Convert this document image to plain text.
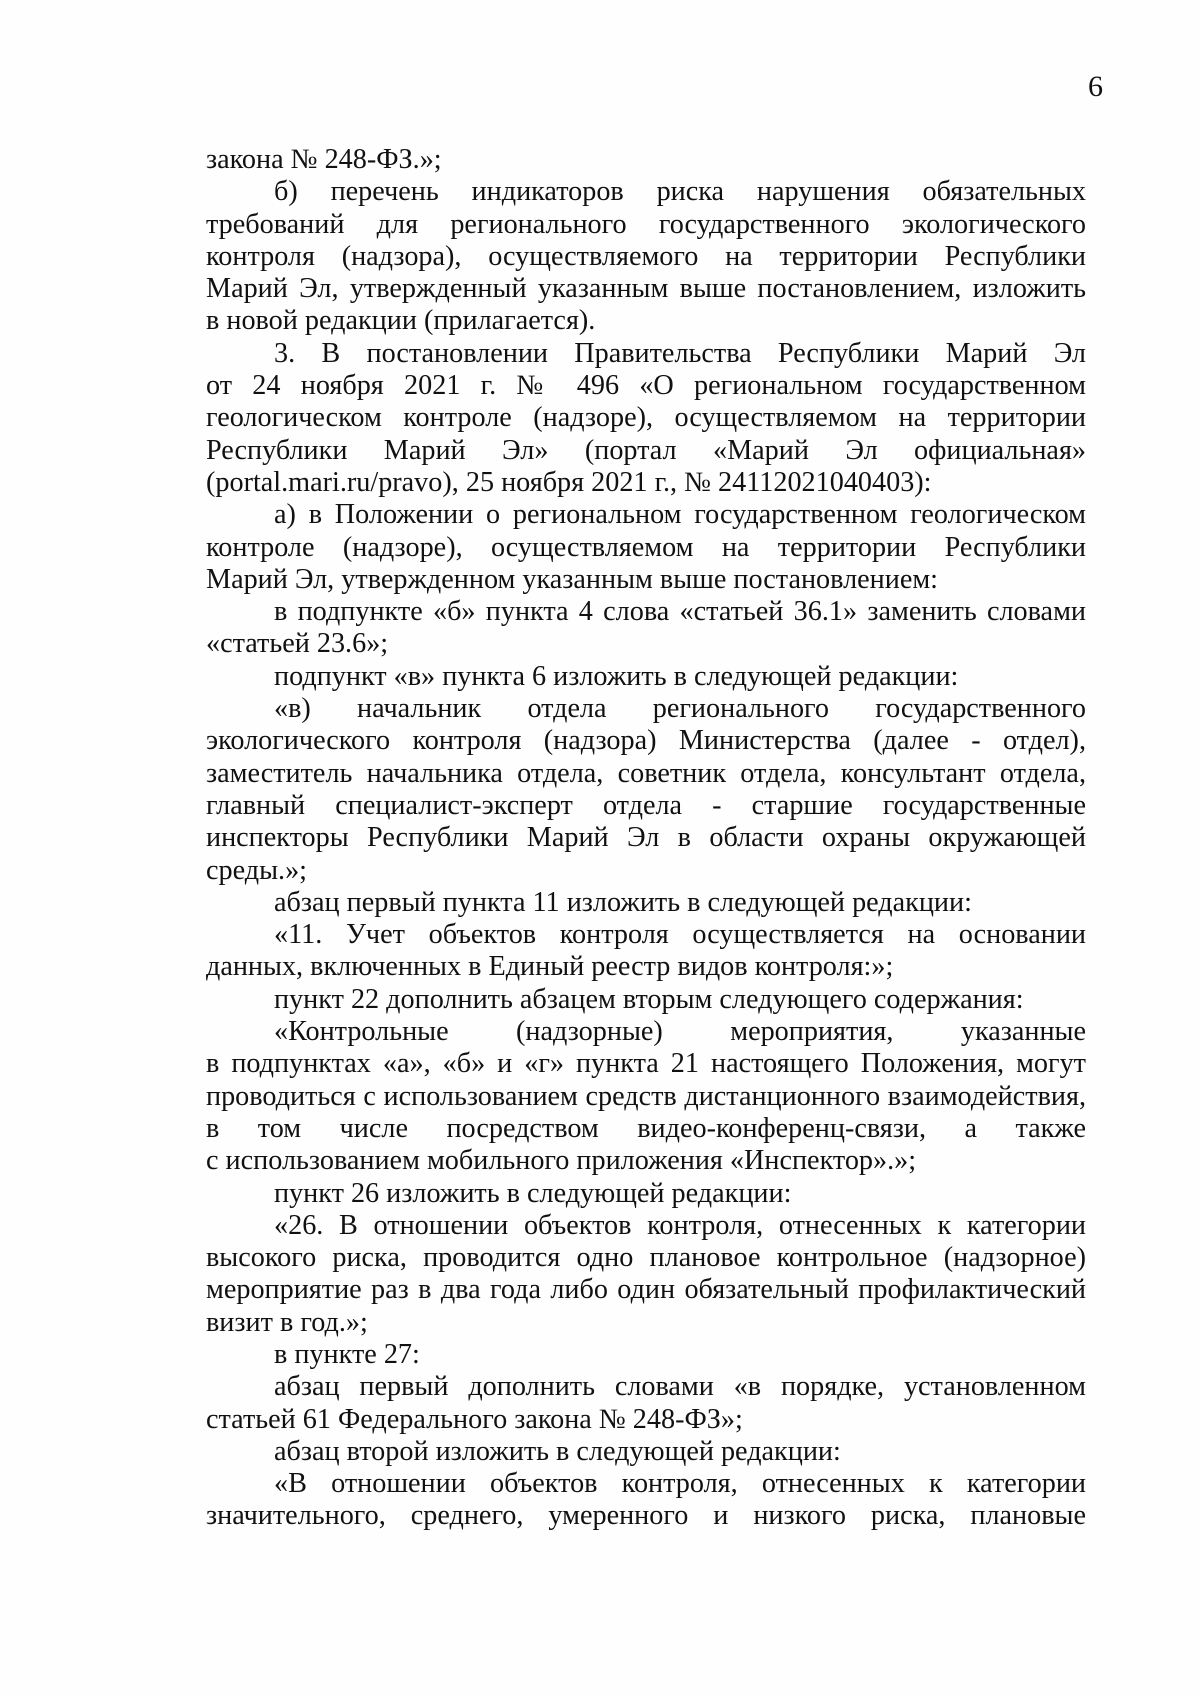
6
закона № 248-ФЗ.»;
б) перечень индикаторов риска нарушения обязательных
требований для регионального государственного экологического
контроля (надзора), осуществляемого на территории Республики
Марий Эл, утвержденный указанным выше постановлением, изложить
в новой редакции (прилагается).
3. В постановлении Правительства Республики Марий Эл
от 24 ноября 2021 г. № 496 «О региональном государственном
геологическом контроле (надзоре), осуществляемом на территории
Республики Марий Эл» (портал «Марий Эл официальная»
(portal.mari.ru/pravo), 25 ноября 2021 г., № 24112021040403):
а) в Положении о региональном государственном геологическом
контроле (надзоре), осуществляемом на территории Республики
Марий Эл, утвержденном указанным выше постановлением:
в подпункте «б» пункта 4 слова «статьей 36.1» заменить словами
«статьей 23.6»;
подпункт «в» пункта 6 изложить в следующей редакции:
«в) начальник отдела регионального государственного
экологического контроля (надзора) Министерства (далее - отдел),
заместитель начальника отдела, советник отдела, консультант отдела,
главный специалист-эксперт отдела - старшие государственные
инспекторы Республики Марий Эл в области охраны окружающей
среды.»;
абзац первый пункта 11 изложить в следующей редакции:
«11. Учет объектов контроля осуществляется на основании
данных, включенных в Единый реестр видов контроля:»;
пункт 22 дополнить абзацем вторым следующего содержания:
«Контрольные (надзорные) мероприятия, указанные
в подпунктах «а», «б» и «г» пункта 21 настоящего Положения, могут
проводиться с использованием средств дистанционного взаимодействия,
в том числе посредством видео-конференц-связи, а также
с использованием мобильного приложения «Инспектор».»;
пункт 26 изложить в следующей редакции:
«26. В отношении объектов контроля, отнесенных к категории
высокого риска, проводится одно плановое контрольное (надзорное)
мероприятие раз в два года либо один обязательный профилактический
визит в год.»;
в пункте 27:
абзац первый дополнить словами «в порядке, установленном
статьей 61 Федерального закона № 248-ФЗ»;
абзац второй изложить в следующей редакции:
«В отношении объектов контроля, отнесенных к категории
значительного, среднего, умеренного и низкого риска, плановые
